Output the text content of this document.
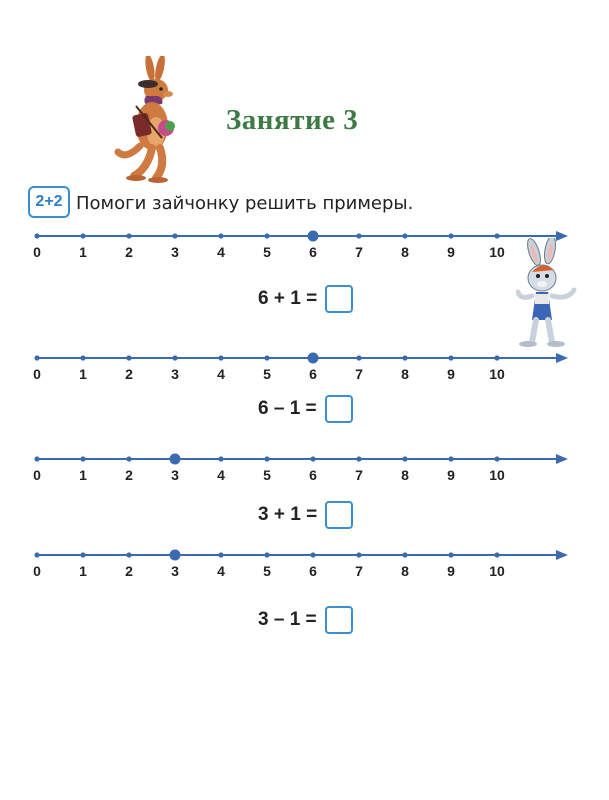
Занятие 3
2+2 Помоги зайчонку решить примеры.
0	1	2	3	4	5	6	7	8	9	10
6 + 1 =
0	1	2	3	4	5	6	7	8	9	10
6 – 1 =
0	1	2	3	4	5	6	7	8	9	10
3 + 1 =
0	1	2	3	4	5	6	7	8	9	10
3 – 1 =
